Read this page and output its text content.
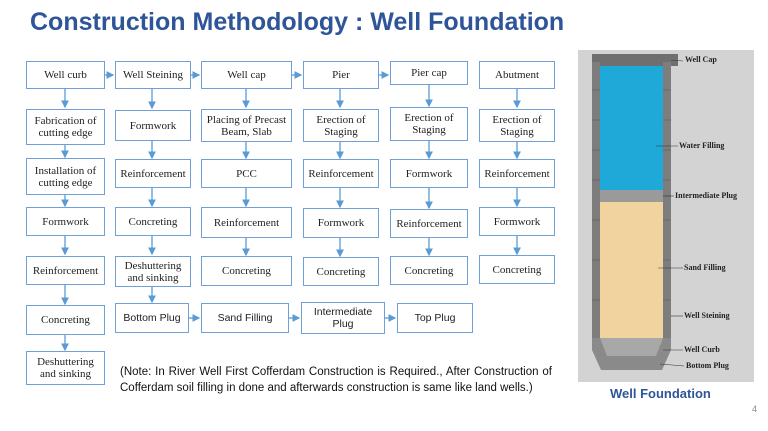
Construction Methodology : Well Foundation
Well curb
Fabrication of cutting edge
Installation of cutting edge
Formwork
Reinforcement
Concreting
Deshuttering and sinking
Well Steining
Formwork
Reinforcement
Concreting
Deshuttering and sinking
Bottom Plug
Well cap
Placing of Precast Beam, Slab
PCC
Reinforcement
Concreting
Pier
Erection of Staging
Reinforcement
Formwork
Concreting
Pier cap
Erection of Staging
Formwork
Reinforcement
Concreting
Abutment
Erection of Staging
Reinforcement
Formwork
Concreting
Sand Filling	Intermediate Plug	Top Plug
(Note: In River Well First Cofferdam Construction is Required., After Construction of Cofferdam soil filling in done and afterwards construction is same like land wells.)
Well Cap
Water Filling
Intermediate Plug
Sand Filling
Well Steining
Well Curb
Bottom Plug
Well Foundation
4
